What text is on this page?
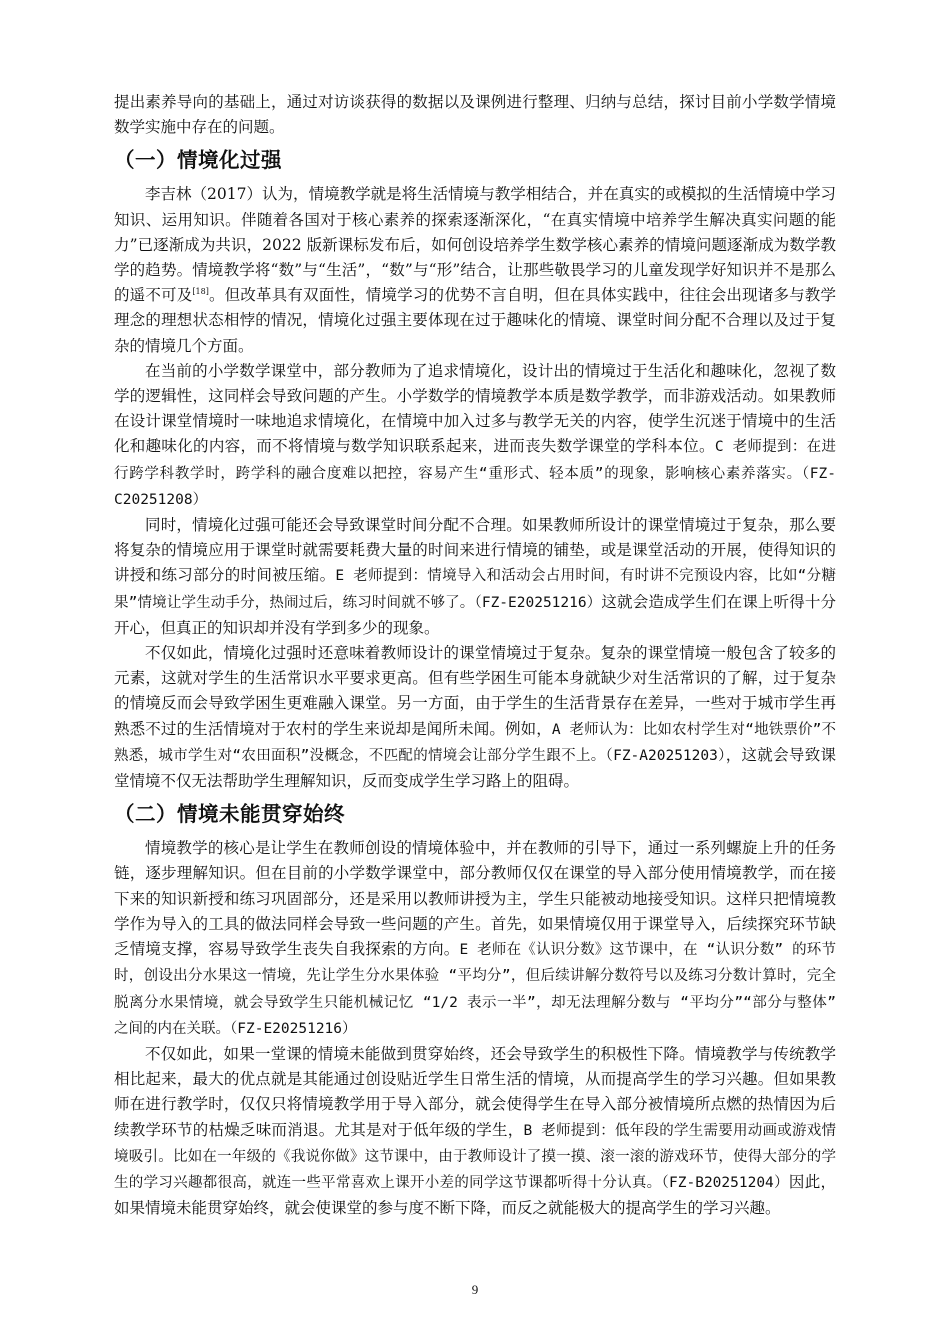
提出素养导向的基础上，通过对访谈获得的数据以及课例进行整理、归纳与总结，探讨目前小学数学情境数学实施中存在的问题。

（一）情境化过强

李吉林（2017）认为，情境教学就是将生活情境与教学相结合，并在真实的或模拟的生活情境中学习知识、运用知识。伴随着各国对于核心素养的探索逐渐深化，“在真实情境中培养学生解决真实问题的能力”已逐渐成为共识，2022 版新课标发布后，如何创设培养学生数学核心素养的情境问题逐渐成为数学教学的趋势。情境教学将“数”与“生活”，“数”与“形”结合，让那些敬畏学习的儿童发现学好知识并不是那么的遥不可及[18]。但改革具有双面性，情境学习的优势不言自明，但在具体实践中，往往会出现诸多与教学理念的理想状态相悖的情况，情境化过强主要体现在过于趣味化的情境、课堂时间分配不合理以及过于复杂的情境几个方面。

在当前的小学数学课堂中，部分教师为了追求情境化，设计出的情境过于生活化和趣味化，忽视了数学的逻辑性，这同样会导致问题的产生。小学数学的情境教学本质是数学教学，而非游戏活动。如果教师在设计课堂情境时一味地追求情境化，在情境中加入过多与教学无关的内容，使学生沉迷于情境中的生活化和趣味化的内容，而不将情境与数学知识联系起来，进而丧失数学课堂的学科本位。C 老师提到：在进行跨学科教学时，跨学科的融合度难以把控，容易产生“重形式、轻本质”的现象，影响核心素养落实。（FZ-C20251208）

同时，情境化过强可能还会导致课堂时间分配不合理。如果教师所设计的课堂情境过于复杂，那么要将复杂的情境应用于课堂时就需要耗费大量的时间来进行情境的铺垫，或是课堂活动的开展，使得知识的讲授和练习部分的时间被压缩。E 老师提到：情境导入和活动会占用时间，有时讲不完预设内容，比如“分糖果”情境让学生动手分，热闹过后，练习时间就不够了。（FZ-E20251216）这就会造成学生们在课上听得十分开心，但真正的知识却并没有学到多少的现象。

不仅如此，情境化过强时还意味着教师设计的课堂情境过于复杂。复杂的课堂情境一般包含了较多的元素，这就对学生的生活常识水平要求更高。但有些学困生可能本身就缺少对生活常识的了解，过于复杂的情境反而会导致学困生更难融入课堂。另一方面，由于学生的生活背景存在差异，一些对于城市学生再熟悉不过的生活情境对于农村的学生来说却是闻所未闻。例如，A 老师认为：比如农村学生对“地铁票价”不熟悉，城市学生对“农田面积”没概念，不匹配的情境会让部分学生跟不上。（FZ-A20251203），这就会导致课堂情境不仅无法帮助学生理解知识，反而变成学生学习路上的阻碍。

（二）情境未能贯穿始终

情境教学的核心是让学生在教师创设的情境体验中，并在教师的引导下，通过一系列螺旋上升的任务链，逐步理解知识。但在目前的小学数学课堂中，部分教师仅仅在课堂的导入部分使用情境教学，而在接下来的知识新授和练习巩固部分，还是采用以教师讲授为主，学生只能被动地接受知识。这样只把情境教学作为导入的工具的做法同样会导致一些问题的产生。首先，如果情境仅用于课堂导入，后续探究环节缺乏情境支撑，容易导致学生丧失自我探索的方向。E 老师在《认识分数》这节课中，在 “认识分数” 的环节时，创设出分水果这一情境，先让学生分水果体验 “平均分”，但后续讲解分数符号以及练习分数计算时，完全脱离分水果情境，就会导致学生只能机械记忆 “1/2 表示一半”，却无法理解分数与 “平均分”“部分与整体” 之间的内在关联。（FZ-E20251216）

不仅如此，如果一堂课的情境未能做到贯穿始终，还会导致学生的积极性下降。情境教学与传统教学相比起来，最大的优点就是其能通过创设贴近学生日常生活的情境，从而提高学生的学习兴趣。但如果教师在进行教学时，仅仅只将情境教学用于导入部分，就会使得学生在导入部分被情境所点燃的热情因为后续教学环节的枯燥乏味而消退。尤其是对于低年级的学生，B 老师提到：低年段的学生需要用动画或游戏情境吸引。比如在一年级的《我说你做》这节课中，由于教师设计了摸一摸、滚一滚的游戏环节，使得大部分的学生的学习兴趣都很高，就连一些平常喜欢上课开小差的同学这节课都听得十分认真。（FZ-B20251204）因此，如果情境未能贯穿始终，就会使课堂的参与度不断下降，而反之就能极大的提高学生的学习兴趣。

9
